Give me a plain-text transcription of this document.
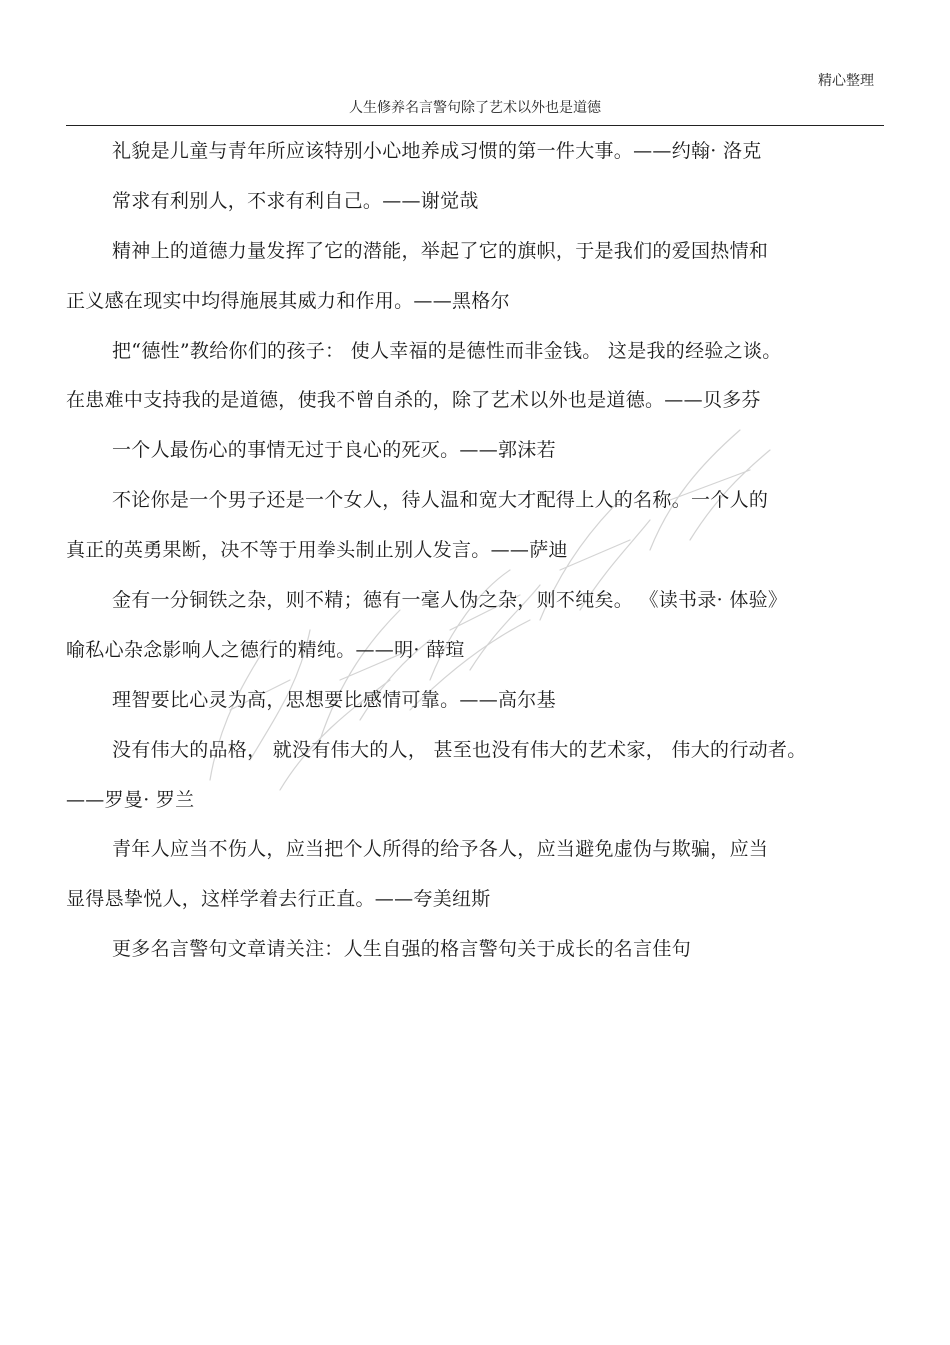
精心整理
人生修养名言警句除了艺术以外也是道德
礼貌是儿童与青年所应该特别小心地养成习惯的第一件大事。——约翰· 洛克
常求有利别人，不求有利自己。——谢觉哉
精神上的道德力量发挥了它的潜能，举起了它的旗帜，于是我们的爱国热情和
正义感在现实中均得施展其威力和作用。——黑格尔
把“德性”教给你们的孩子： 使人幸福的是德性而非金钱。 这是我的经验之谈。
在患难中支持我的是道德，使我不曾自杀的，除了艺术以外也是道德。——贝多芬
一个人最伤心的事情无过于良心的死灭。——郭沫若
不论你是一个男子还是一个女人，待人温和宽大才配得上人的名称。一个人的
真正的英勇果断，决不等于用拳头制止别人发言。——萨迪
金有一分铜铁之杂，则不精；德有一毫人伪之杂，则不纯矣。 《读书录· 体验》
喻私心杂念影响人之德行的精纯。——明· 薛瑄
理智要比心灵为高，思想要比感情可靠。——高尔基
没有伟大的品格， 就没有伟大的人， 甚至也没有伟大的艺术家， 伟大的行动者。
——罗曼· 罗兰
青年人应当不伤人，应当把个人所得的给予各人，应当避免虚伪与欺骗，应当
显得恳挚悦人，这样学着去行正直。——夸美纽斯
更多名言警句文章请关注：人生自强的格言警句关于成长的名言佳句
